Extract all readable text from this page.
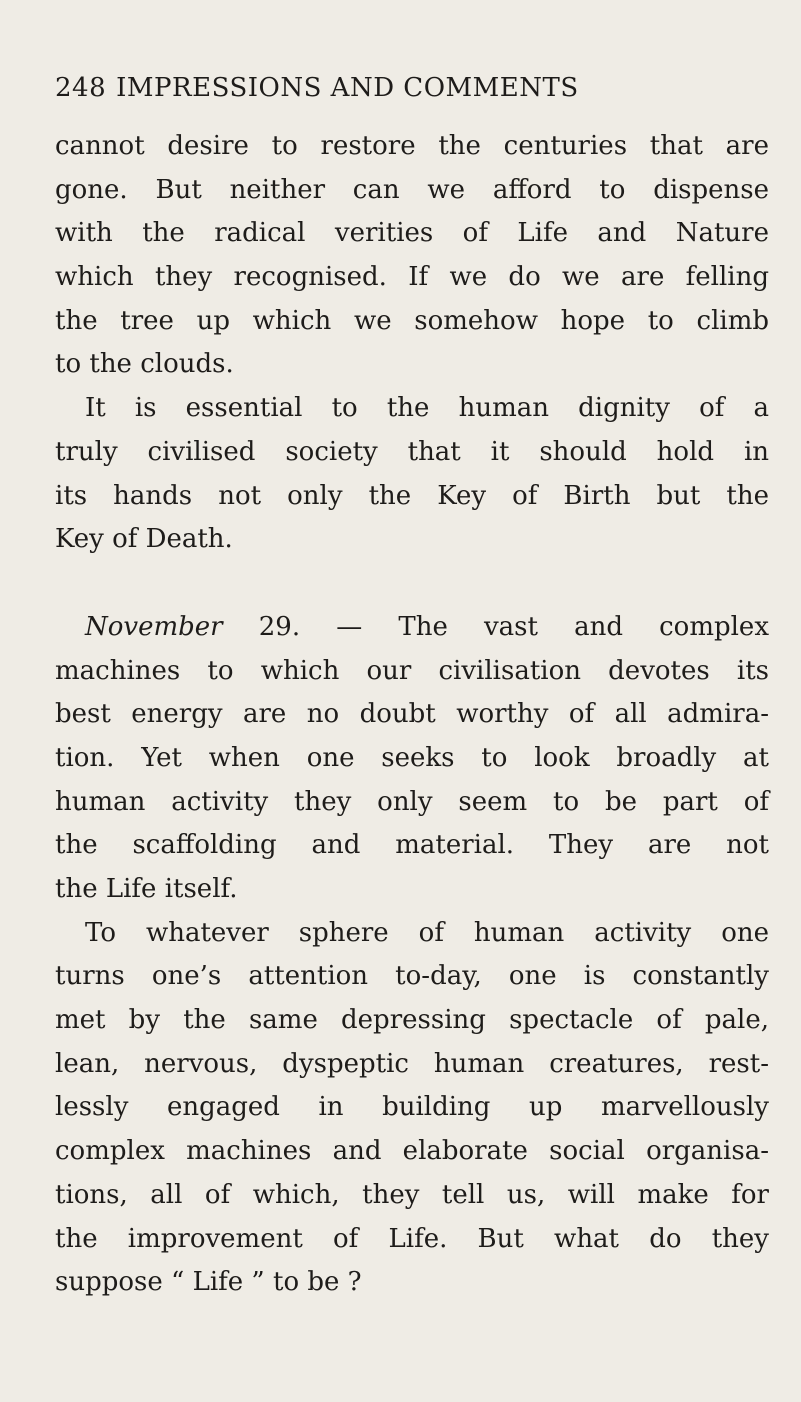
248 IMPRESSIONS AND COMMENTS
cannot desire to restore the centuries that are
gone. But neither can we afford to dispense
with the radical verities of Life and Nature
which they recognised. If we do we are felling
the tree up which we somehow hope to climb
to the clouds.
It is essential to the human dignity of a
truly civilised society that it should hold in
its hands not only the Key of Birth but the
Key of Death.
November 29. — The vast and complex
machines to which our civilisation devotes its
best energy are no doubt worthy of all admira-
tion. Yet when one seeks to look broadly at
human activity they only seem to be part of
the scaffolding and material. They are not
the Life itself.
To whatever sphere of human activity one
turns one’s attention to-day, one is constantly
met by the same depressing spectacle of pale,
lean, nervous, dyspeptic human creatures, rest-
lessly engaged in building up marvellously
complex machines and elaborate social organisa-
tions, all of which, they tell us, will make for
the improvement of Life. But what do they
suppose “ Life ” to be ?
